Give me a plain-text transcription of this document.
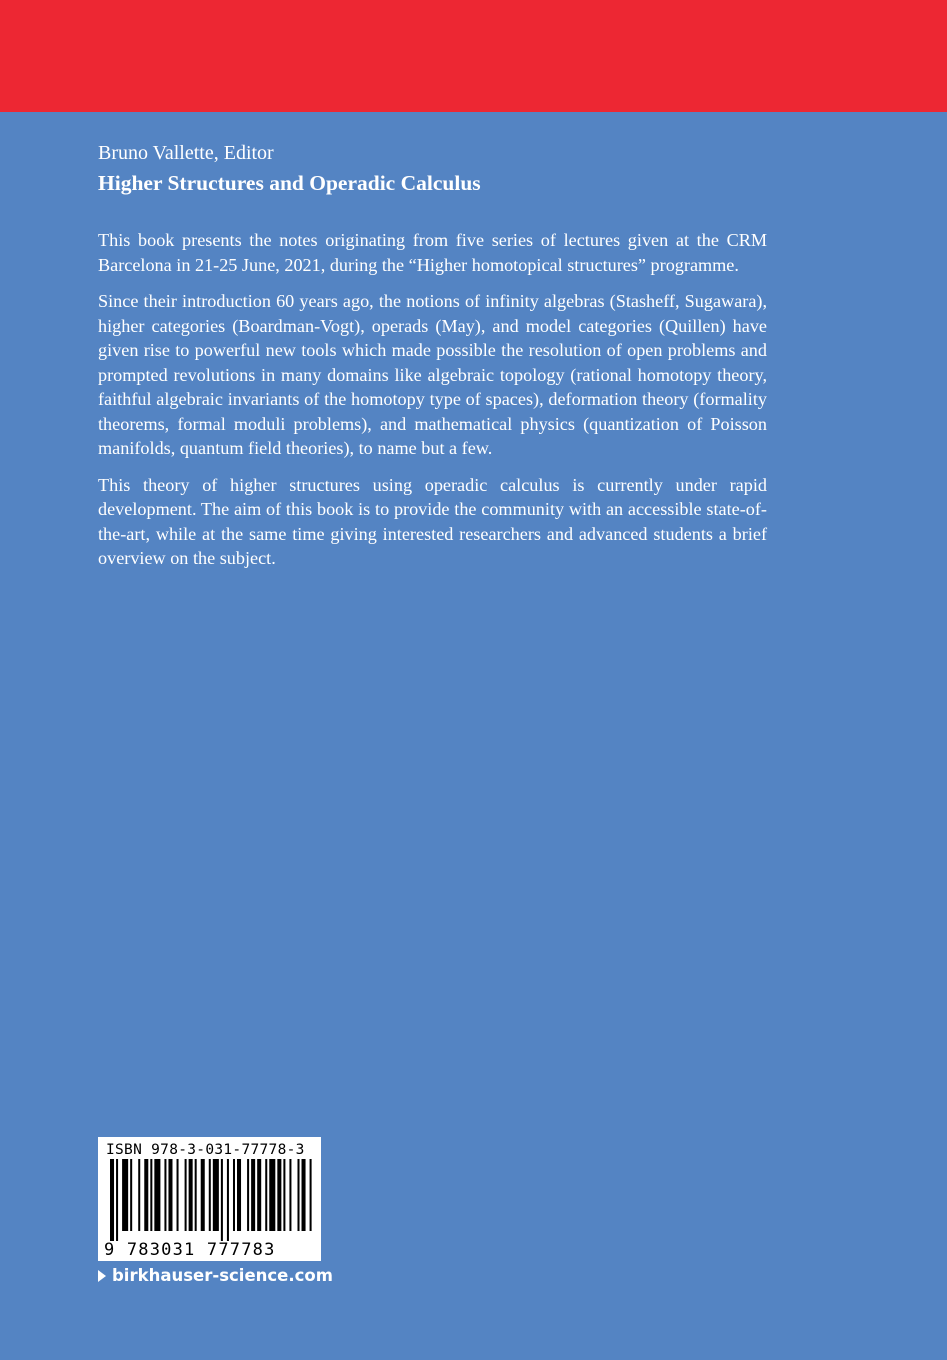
Bruno Vallette, Editor

Higher Structures and Operadic Calculus

This book presents the notes originating from five series of lectures given at the CRM Barcelona in 21-25 June, 2021, during the “Higher homotopical structures” programme.

Since their introduction 60 years ago, the notions of infinity algebras (Stasheff, Sugawara), higher categories (Boardman-Vogt), operads (May), and model categories (Quillen) have given rise to powerful new tools which made possible the resolution of open problems and prompted revolutions in many domains like algebraic topology (rational homotopy theory, faithful algebraic invariants of the homotopy type of spaces), deformation theory (formality theorems, formal moduli problems), and mathematical physics (quantization of Poisson manifolds, quantum field theories), to name but a few.

This theory of higher structures using operadic calculus is currently under rapid development. The aim of this book is to provide the community with an accessible state-of-the-art, while at the same time giving interested researchers and advanced students a brief overview on the subject.

ISBN 978-3-031-77778-3
9 783031 777783
birkhauser-science.com
